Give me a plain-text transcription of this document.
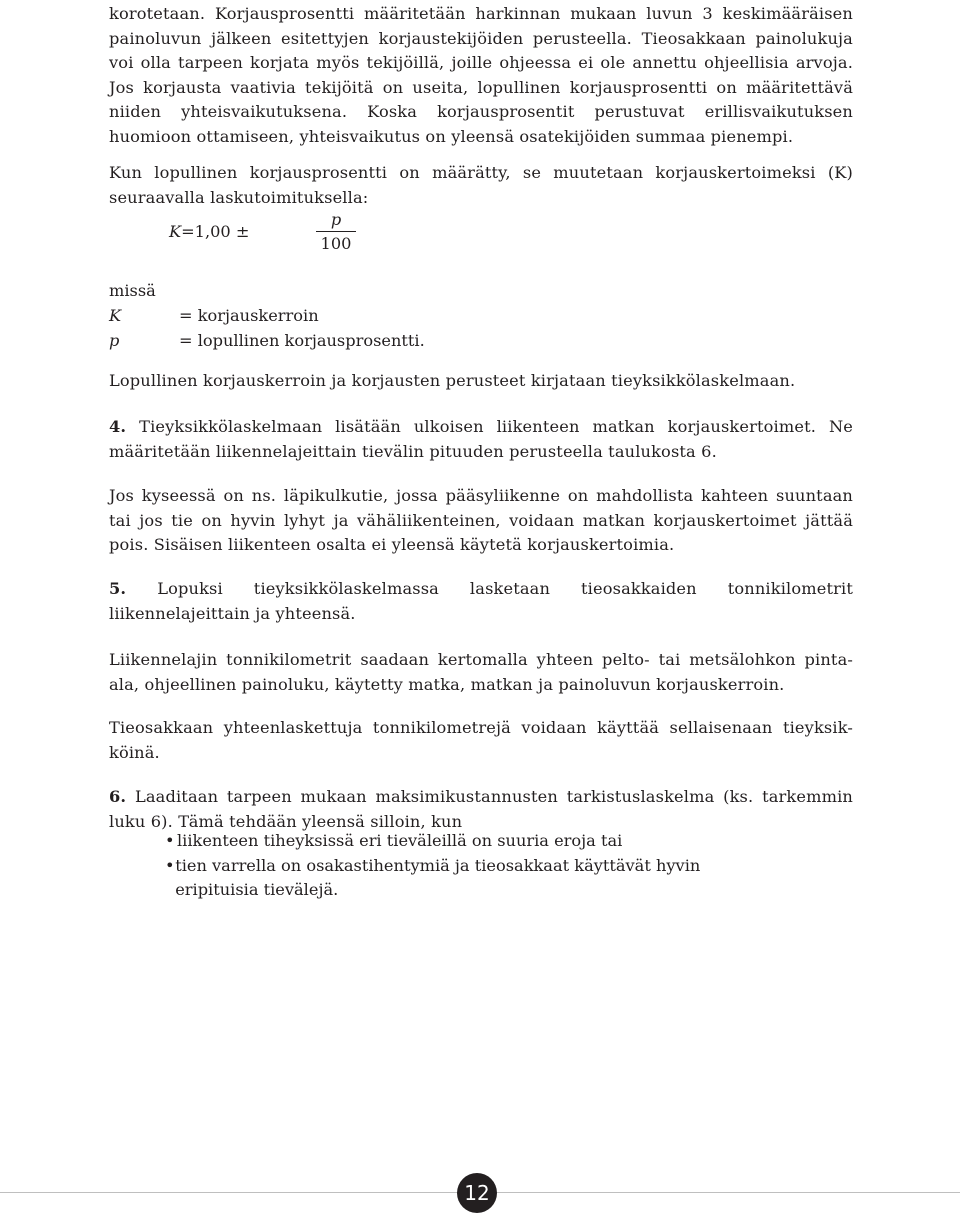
korotetaan. Korjausprosentti määritetään harkinnan mukaan luvun 3 keskimääräisen painoluvun jälkeen esitettyjen korjaustekijöiden perusteella. Tieosakkaan painolukuja voi olla tarpeen korjata myös tekijöillä, joille ohjeessa ei ole annettu ohjeellisia arvoja. Jos korjausta vaativia tekijöitä on useita, lopullinen korjausprosentti on määritettävä niiden yhteisvaikutuksena. Koska korjausprosentit perustuvat erillisvaikutuksen huomioon ottamiseen, yhteisvaikutus on yleensä osatekijöiden summaa pienempi.

Kun lopullinen korjausprosentti on määrätty, se muutetaan korjauskertoimeksi (K) seuraavalla laskutoimituksella:

K=1,00 ±
p
100
missä
K	= korjauskerroin
p	= lopullinen korjausprosentti.

Lopullinen korjauskerroin ja korjausten perusteet kirjataan tieyksikkölaskelmaan.

4. Tieyksikkölaskelmaan lisätään ulkoisen liikenteen matkan korjauskertoimet. Ne määritetään liikennelajeittain tievälin pituuden perusteella taulukosta 6.

Jos kyseessä on ns. läpikulkutie, jossa pääsyliikenne on mahdollista kahteen suuntaan tai jos tie on hyvin lyhyt ja vähäliikenteinen, voidaan matkan korjauskertoimet jättää pois. Sisäisen liikenteen osalta ei yleensä käytetä korjauskertoimia.

5. Lopuksi tieyksikkölaskelmassa lasketaan tieosakkaiden tonnikilometrit liikennelajeittain ja yhteensä.

Liikennelajin tonnikilometrit saadaan kertomalla yhteen pelto- tai metsälohkon pinta-ala, ohjeellinen painoluku, käytetty matka, matkan ja painoluvun korjauskerroin.

Tieosakkaan yhteenlaskettuja tonnikilometrejä voidaan käyttää sellaisenaan tieyksik-köinä.

6. Laaditaan tarpeen mukaan maksimikustannusten tarkistuslaskelma (ks. tarkemmin luku 6). Tämä tehdään yleensä silloin, kun

• liikenteen tiheyksissä eri tieväleillä on suuria eroja tai
• tien varrella on osakastihentymiä ja tieosakkaat käyttävät hyvin eripituisia tievälejä.
12
